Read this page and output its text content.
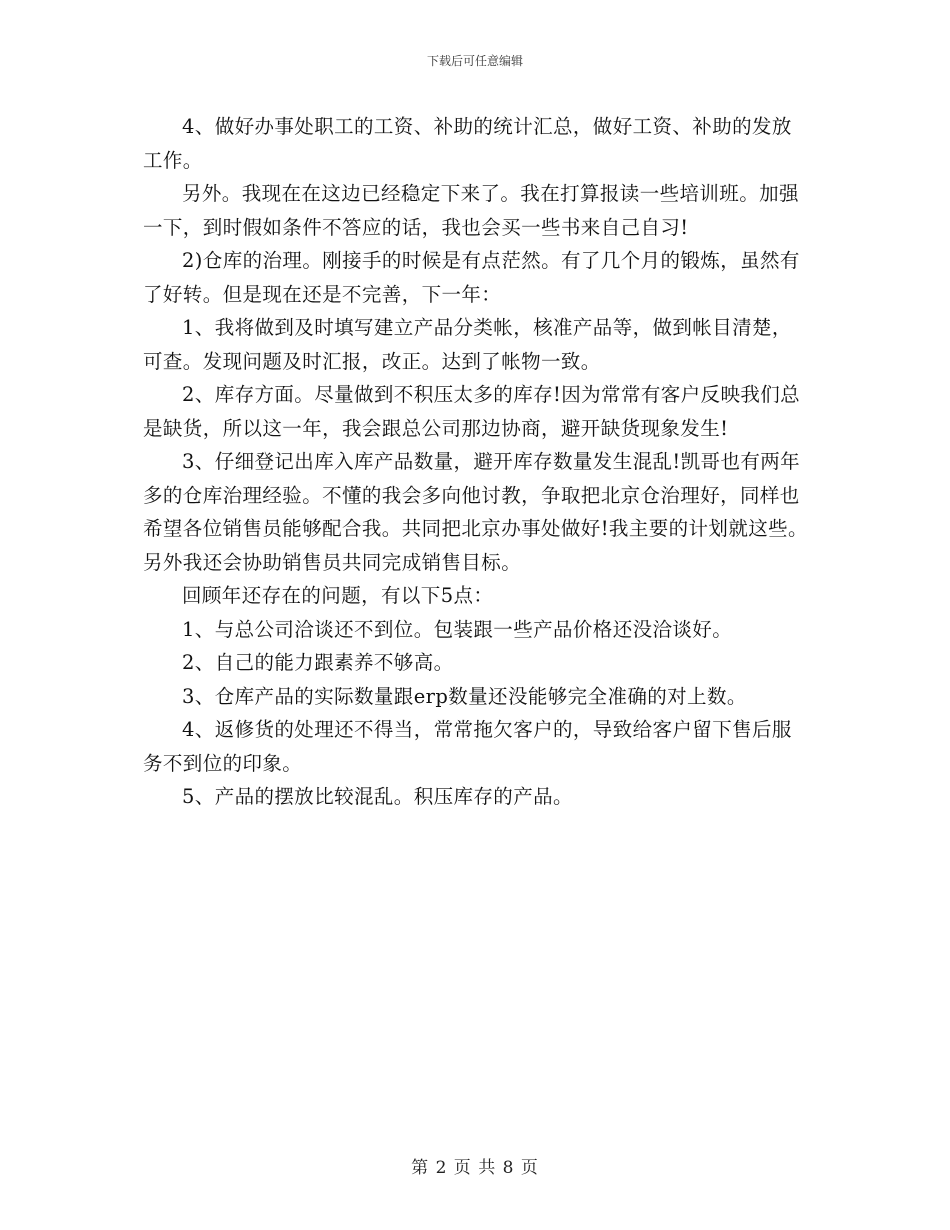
下载后可任意编辑

4、做好办事处职工的工资、补助的统计汇总，做好工资、补助的发放工作。

另外。我现在在这边已经稳定下来了。我在打算报读一些培训班。加强一下，到时假如条件不答应的话，我也会买一些书来自己自习!

2)仓库的治理。刚接手的时候是有点茫然。有了几个月的锻炼，虽然有了好转。但是现在还是不完善，下一年：

1、我将做到及时填写建立产品分类帐，核准产品等，做到帐目清楚，可查。发现问题及时汇报，改正。达到了帐物一致。

2、库存方面。尽量做到不积压太多的库存!因为常常有客户反映我们总是缺货，所以这一年，我会跟总公司那边协商，避开缺货现象发生!

3、仔细登记出库入库产品数量，避开库存数量发生混乱!凯哥也有两年多的仓库治理经验。不懂的我会多向他讨教，争取把北京仓治理好，同样也希望各位销售员能够配合我。共同把北京办事处做好!我主要的计划就这些。另外我还会协助销售员共同完成销售目标。

回顾年还存在的问题，有以下5点：

1、与总公司洽谈还不到位。包装跟一些产品价格还没洽谈好。

2、自己的能力跟素养不够高。

3、仓库产品的实际数量跟erp数量还没能够完全准确的对上数。

4、返修货的处理还不得当，常常拖欠客户的，导致给客户留下售后服务不到位的印象。

5、产品的摆放比较混乱。积压库存的产品。

第 2 页 共 8 页
